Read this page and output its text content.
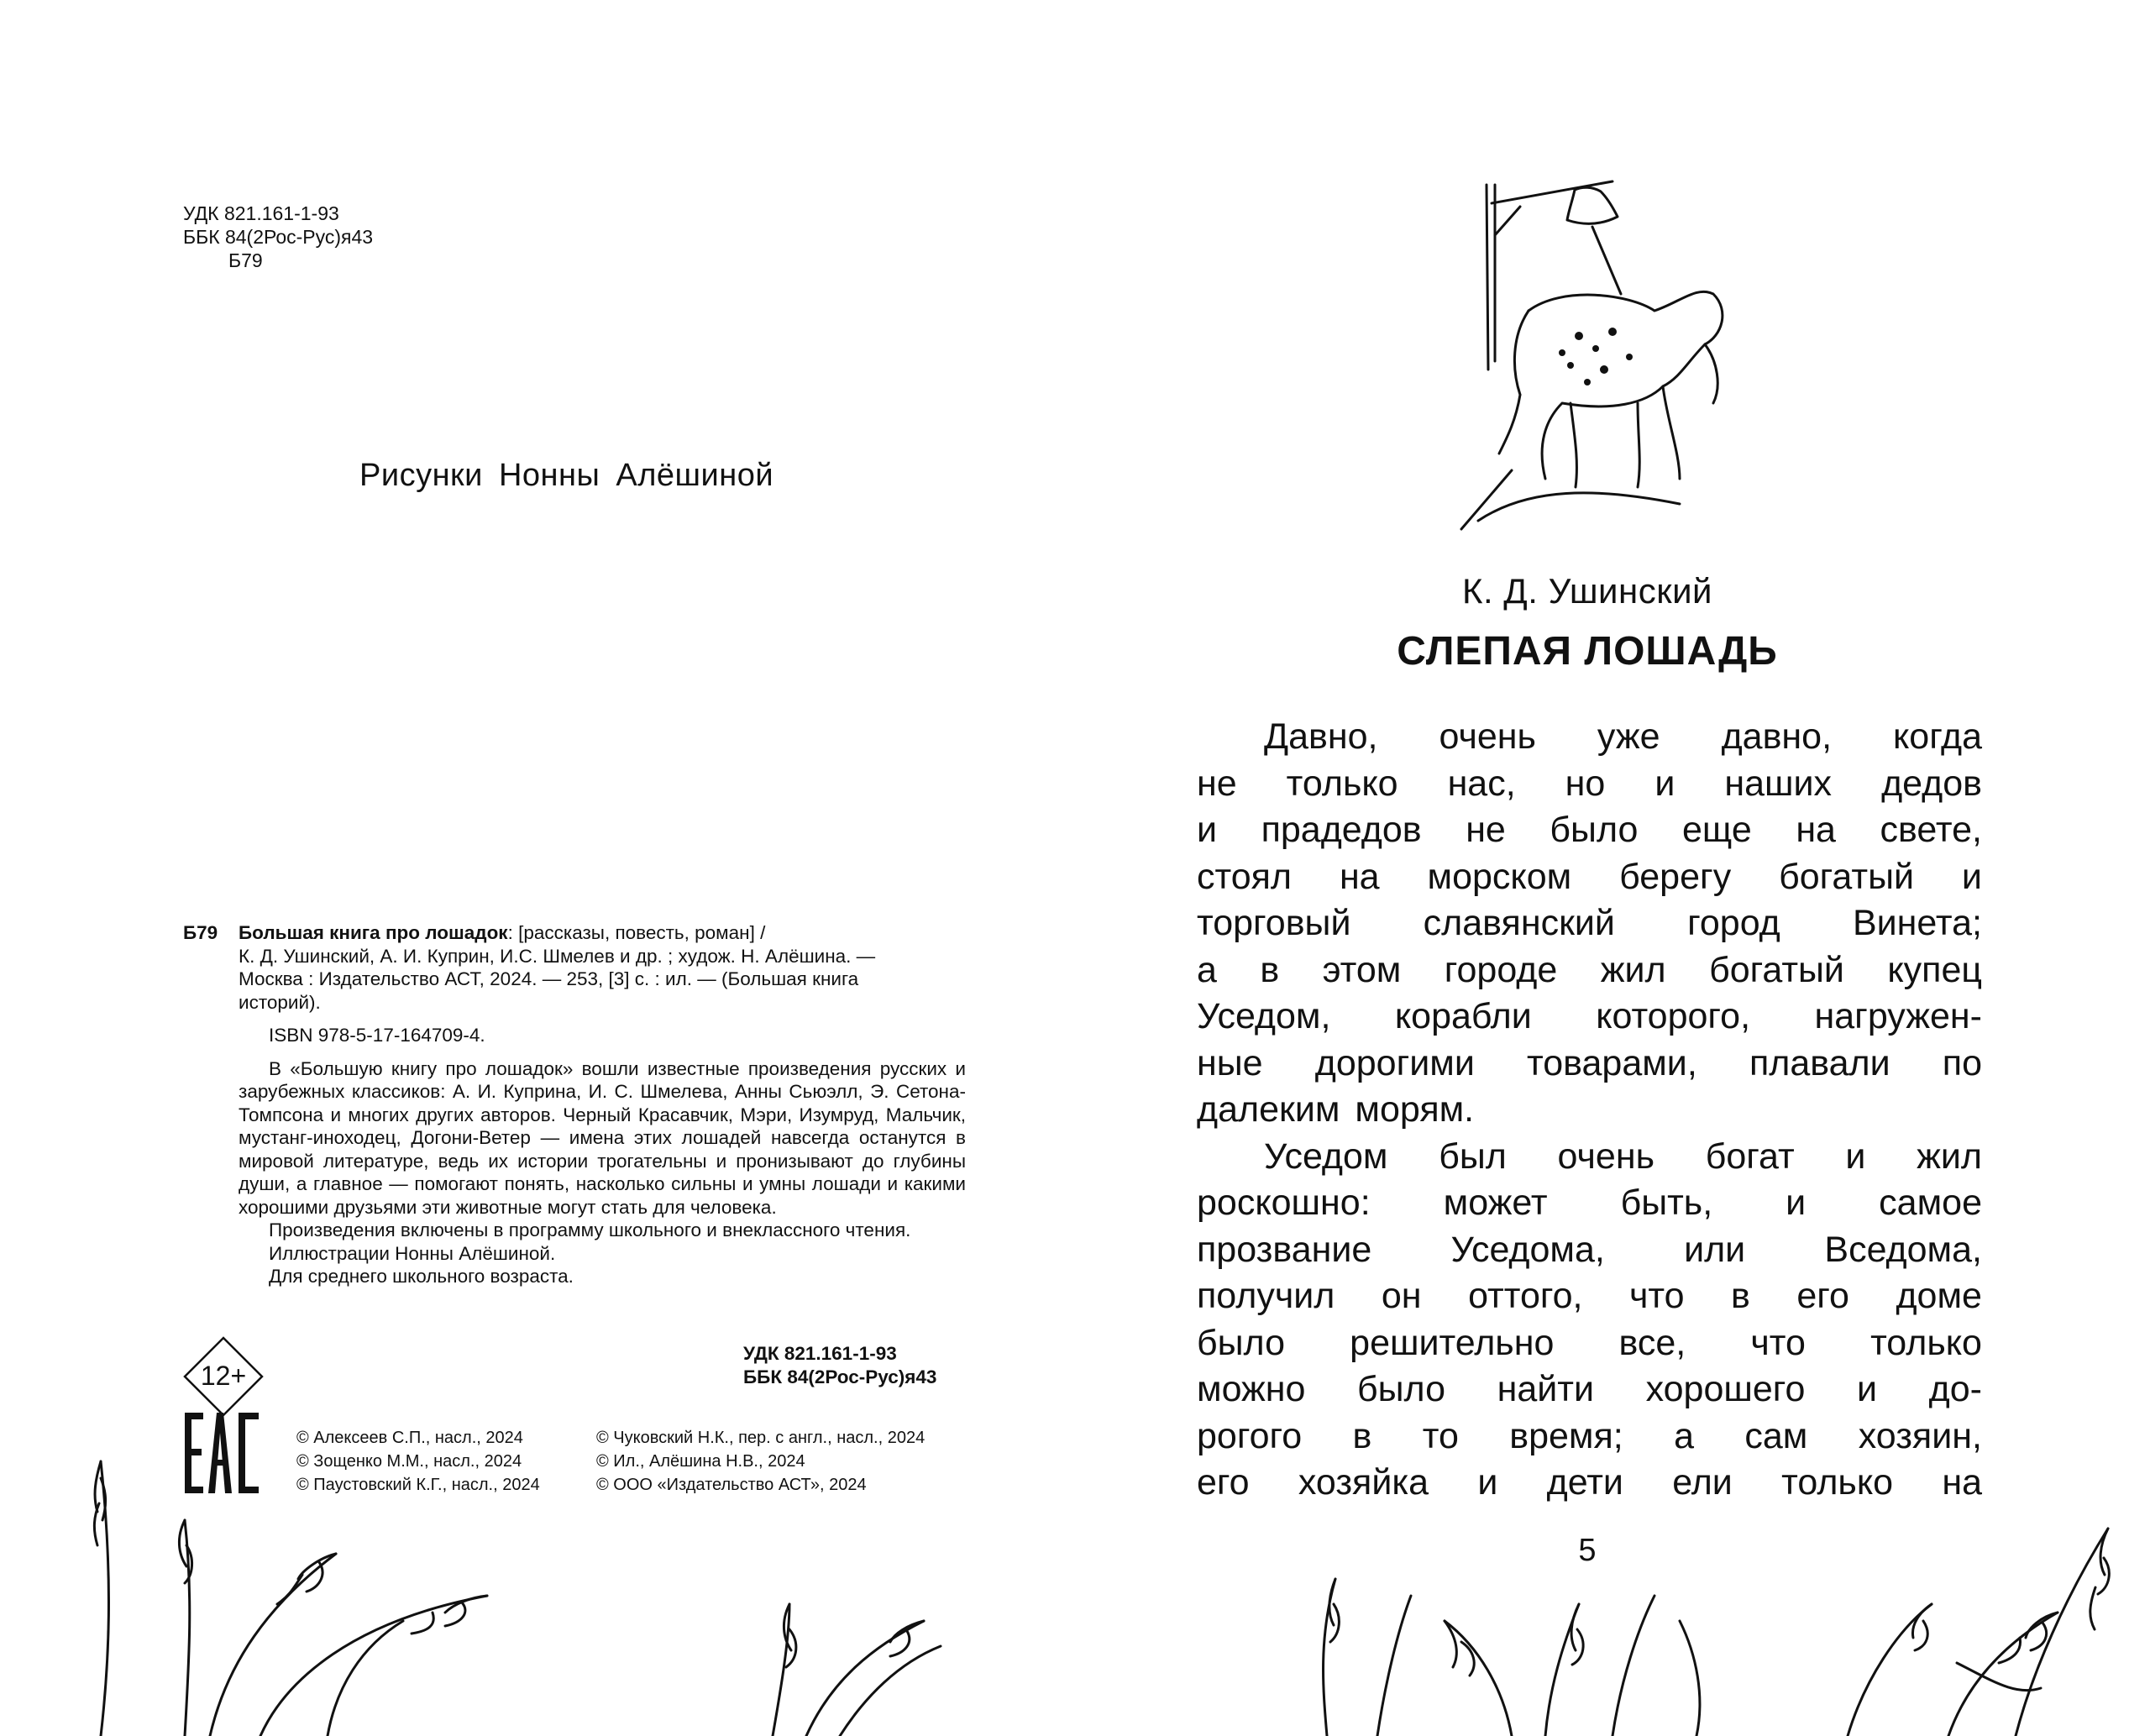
УДК 821.161-1-93
ББК 84(2Рос-Рус)я43
Б79
Рисунки Нонны Алёшиной
Б79	Большая книга про лошадок: [рассказы, повесть, роман] /
К. Д. Ушинский, А. И. Куприн, И.С. Шмелев и др. ; худож. Н. Алёшина. —
Москва : Издательство АСТ, 2024. — 253, [3] с. : ил. — (Большая книга
историй).
ISBN 978-5-17-164709-4.

В «Большую книгу про лошадок» вошли известные произведения русских и зарубежных классиков: А. И. Куприна, И. С. Шмелева, Анны Сьюэлл, Э. Сетона-Томпсона и многих других авторов. Черный Красавчик, Мэри, Изумруд, Мальчик, мустанг-иноходец, Догони-Ветер — имена этих лошадей навсегда останутся в мировой литературе, ведь их истории трогательны и пронизывают до глубины души, а главное — помогают понять, насколько сильны и умны лошади и какими хорошими друзьями эти животные могут стать для человека.

Произведения включены в программу школьного и внеклассного чтения.

Иллюстрации Нонны Алёшиной.

Для среднего школьного возраста.

12+
УДК 821.161-1-93
ББК 84(2Рос-Рус)я43
© Алексеев С.П., насл., 2024
© Зощенко М.М., насл., 2024
© Паустовский К.Г., насл., 2024
© Чуковский Н.К., пер. с англ., насл., 2024
© Ил., Алёшина Н.В., 2024
© ООО «Издательство АСТ», 2024
К. Д. Ушинский
СЛЕПАЯ ЛОШАДЬ
Давно, очень уже давно, когда
не только нас, но и наших дедов
и прадедов не было еще на свете,
стоял на морском берегу богатый и
торговый славянский город Винета;
а в этом городе жил богатый купец
Уседом, корабли которого, нагружен-
ные дорогими товарами, плавали по
далеким морям.
Уседом был очень богат и жил
роскошно: может быть, и самое
прозвание Уседома, или Вседома,
получил он оттого, что в его доме
было решительно все, что только
можно было найти хорошего и до-
рогого в то время; а сам хозяин,
его хозяйка и дети ели только на
5
